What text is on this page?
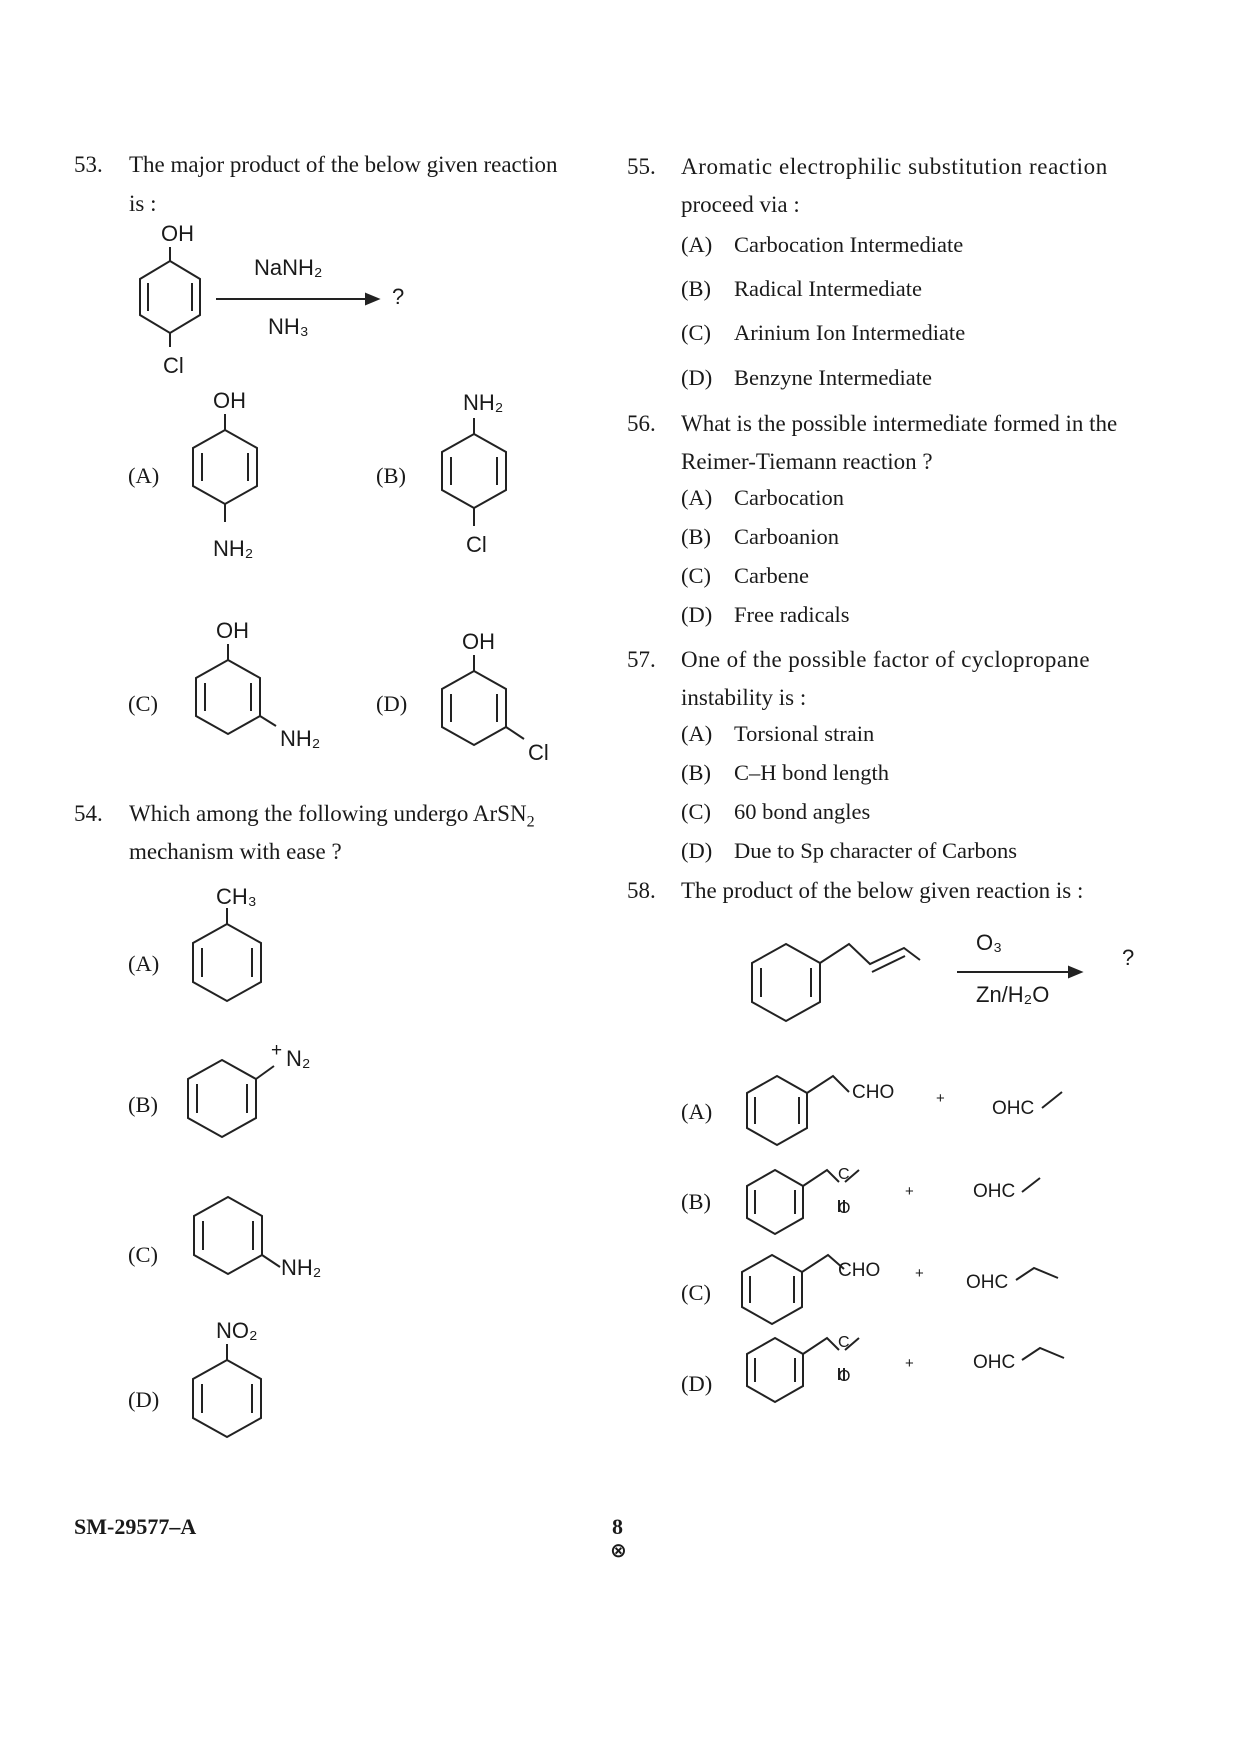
53. The major product of the below given reaction
is :
OH
Cl
NaNH₂
NH₃
?
(A)
OH
NH₂
(B)
NH₂
Cl
(C)
OH
NH₂
(D)
OH
Cl
54. Which among the following undergo ArSN$_2$
mechanism with ease ?
(A)
CH₃
(B)
+ N₂
(C)
NH₂
(D)
NO₂
55. Aromatic electrophilic substitution reaction
proceed via :
(A) Carbocation Intermediate
(B) Radical Intermediate
(C) Arinium Ion Intermediate
(D) Benzyne Intermediate
56. What is the possible intermediate formed in the
Reimer-Tiemann reaction ?
(A) Carbocation
(B) Carboanion
(C) Carbene
(D) Free radicals
57. One of the possible factor of cyclopropane
instability is :
(A) Torsional strain
(B) C–H bond length
(C) 60 bond angles
(D) Due to Sp character of Carbons
58. The product of the below given reaction is :
O₃
Zn/H₂O
?
(A)
CHO	+ OHC
(B)
C
O
+	OHC
(C)
CHO + OHC
(D)
C
O
+	OHC
SM-29577–A	8
⊗
